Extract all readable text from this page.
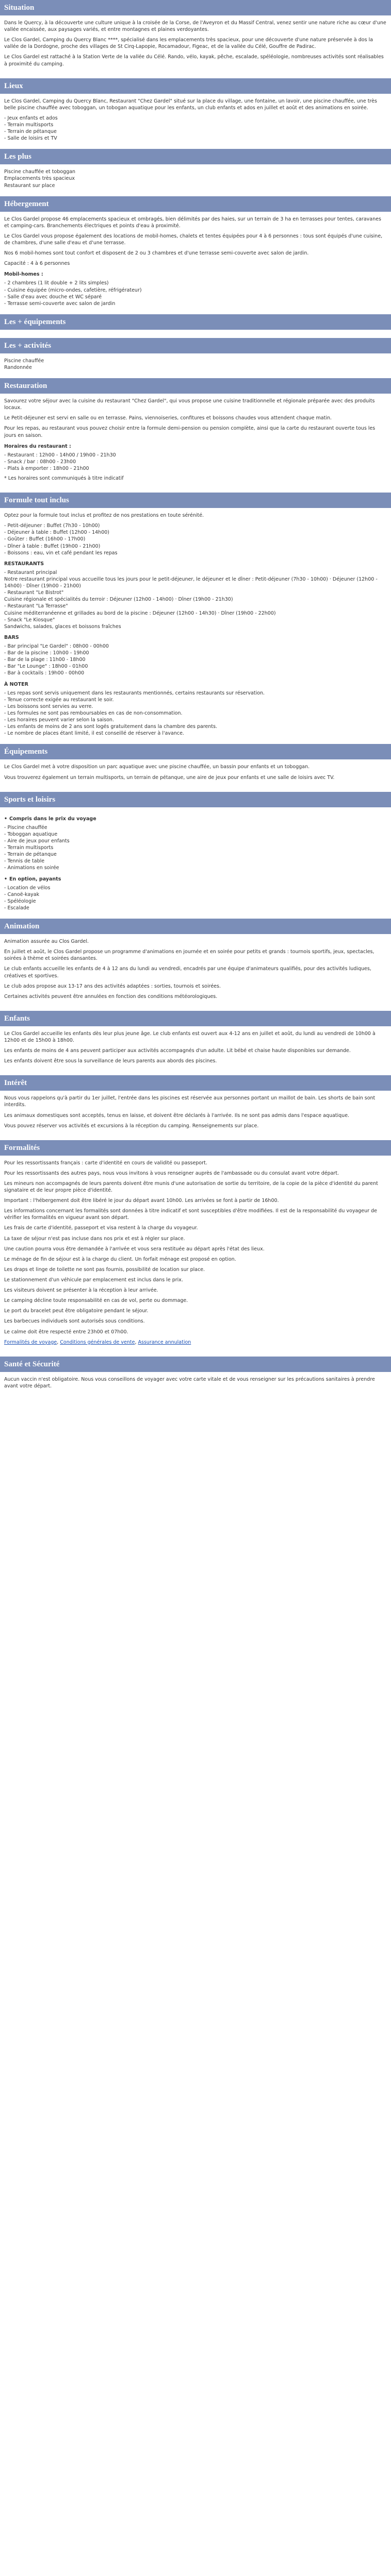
Situation

Dans le Quercy, à la découverte une culture unique à la croisée de la Corse, de l'Aveyron et du Massif Central, venez sentir une nature riche au cœur d'une vallée encaissée, aux paysages variés, et entre montagnes et plaines verdoyantes.

Le Clos Gardel, Camping du Quercy Blanc ****, spécialisé dans les emplacements très spacieux, pour une découverte d'une nature préservée à dos la vallée de la Dordogne, proche des villages de St Cirq-Lapopie, Rocamadour, Figeac, et de la vallée du Célé, Gouffre de Padirac.

Le Clos Gardel est rattaché à la Station Verte de la vallée du Célé. Rando, vélo, kayak, pêche, escalade, spéléologie, nombreuses activités sont réalisables à proximité du camping.

Lieux

Le Clos Gardel, Camping du Quercy Blanc, Restaurant "Chez Gardel" situé sur la place du village, une fontaine, un lavoir, une piscine chauffée, une très belle piscine chauffée avec toboggan, un tobogan aquatique pour les enfants, un club enfants et ados en juillet et août et des animations en soirée.

- Jeux enfants et ados
- Terrain multisports
- Terrain de pétanque
- Salle de loisirs et TV
Les plus
Piscine chauffée et toboggan
Emplacements très spacieux
Restaurant sur place
Hébergement

Le Clos Gardel propose 46 emplacements spacieux et ombragés, bien délimités par des haies, sur un terrain de 3 ha en terrasses pour tentes, caravanes et camping-cars. Branchements électriques et points d'eau à proximité.

Le Clos Gardel vous propose également des locations de mobil-homes, chalets et tentes équipées pour 4 à 6 personnes : tous sont équipés d'une cuisine, de chambres, d'une salle d'eau et d'une terrasse.

Nos 6 mobil-homes sont tout confort et disposent de 2 ou 3 chambres et d'une terrasse semi-couverte avec salon de jardin.

Capacité : 4 à 6 personnes

Mobil-homes :
- 2 chambres (1 lit double + 2 lits simples)
- Cuisine équipée (micro-ondes, cafetière, réfrigérateur)
- Salle d'eau avec douche et WC séparé
- Terrasse semi-couverte avec salon de jardin
Les + équipements
Les + activités
Piscine chauffée
Randonnée
Restauration

Savourez votre séjour avec la cuisine du restaurant "Chez Gardel", qui vous propose une cuisine traditionnelle et régionale préparée avec des produits locaux.

Le Petit-déjeuner est servi en salle ou en terrasse. Pains, viennoiseries, confitures et boissons chaudes vous attendent chaque matin.

Pour les repas, au restaurant vous pouvez choisir entre la formule demi-pension ou pension complète, ainsi que la carte du restaurant ouverte tous les jours en saison.

Horaires du restaurant :
- Restaurant : 12h00 - 14h00 / 19h00 - 21h30
- Snack / bar : 08h00 - 23h00
- Plats à emporter : 18h00 - 21h00

* Les horaires sont communiqués à titre indicatif

Formule tout inclus

Optez pour la formule tout inclus et profitez de nos prestations en toute sérénité.

- Petit-déjeuner : Buffet (7h30 - 10h00)
- Déjeuner à table : Buffet (12h00 - 14h00)
- Goûter : Buffet (16h00 - 17h00)
- Dîner à table : Buffet (19h00 - 21h00)
- Boissons : eau, vin et café pendant les repas
RESTAURANTS
- Restaurant principal
Notre restaurant principal vous accueille tous les jours pour le petit-déjeuner, le déjeuner et le dîner : Petit-déjeuner (7h30 - 10h00) · Déjeuner (12h00 - 14h00) · Dîner (19h00 - 21h00)
- Restaurant "Le Bistrot"
Cuisine régionale et spécialités du terroir : Déjeuner (12h00 - 14h00) · Dîner (19h00 - 21h30)
- Restaurant "La Terrasse"
Cuisine méditerranéenne et grillades au bord de la piscine : Déjeuner (12h00 - 14h30) · Dîner (19h00 - 22h00)
- Snack "Le Kiosque"
Sandwichs, salades, glaces et boissons fraîches
BARS
- Bar principal "Le Gardel" : 08h00 - 00h00
- Bar de la piscine : 10h00 - 19h00
- Bar de la plage : 11h00 - 18h00
- Bar "Le Lounge" : 18h00 - 01h00
- Bar à cocktails : 19h00 - 00h00
À NOTER
- Les repas sont servis uniquement dans les restaurants mentionnés, certains restaurants sur réservation.
- Tenue correcte exigée au restaurant le soir.
- Les boissons sont servies au verre.
- Les formules ne sont pas remboursables en cas de non-consommation.
- Les horaires peuvent varier selon la saison.
- Les enfants de moins de 2 ans sont logés gratuitement dans la chambre des parents.
- Le nombre de places étant limité, il est conseillé de réserver à l'avance.
Équipements

Le Clos Gardel met à votre disposition un parc aquatique avec une piscine chauffée, un bassin pour enfants et un toboggan.

Vous trouverez également un terrain multisports, un terrain de pétanque, une aire de jeux pour enfants et une salle de loisirs avec TV.

Sports et loisirs
• Compris dans le prix du voyage
- Piscine chauffée
- Toboggan aquatique
- Aire de jeux pour enfants
- Terrain multisports
- Terrain de pétanque
- Tennis de table
- Animations en soirée
• En option, payants
- Location de vélos
- Canoë-kayak
- Spéléologie
- Escalade
Animation

Animation assurée au Clos Gardel.

En juillet et août, le Clos Gardel propose un programme d'animations en journée et en soirée pour petits et grands : tournois sportifs, jeux, spectacles, soirées à thème et soirées dansantes.

Le club enfants accueille les enfants de 4 à 12 ans du lundi au vendredi, encadrés par une équipe d'animateurs qualifiés, pour des activités ludiques, créatives et sportives.

Le club ados propose aux 13-17 ans des activités adaptées : sorties, tournois et soirées.

Certaines activités peuvent être annulées en fonction des conditions météorologiques.

Enfants

Le Clos Gardel accueille les enfants dès leur plus jeune âge. Le club enfants est ouvert aux 4-12 ans en juillet et août, du lundi au vendredi de 10h00 à 12h00 et de 15h00 à 18h00.

Les enfants de moins de 4 ans peuvent participer aux activités accompagnés d'un adulte. Lit bébé et chaise haute disponibles sur demande.

Les enfants doivent être sous la surveillance de leurs parents aux abords des piscines.

Intérêt

Nous vous rappelons qu'à partir du 1er juillet, l'entrée dans les piscines est réservée aux personnes portant un maillot de bain. Les shorts de bain sont interdits.

Les animaux domestiques sont acceptés, tenus en laisse, et doivent être déclarés à l'arrivée. Ils ne sont pas admis dans l'espace aquatique.

Vous pouvez réserver vos activités et excursions à la réception du camping. Renseignements sur place.

Formalités

Pour les ressortissants français : carte d'identité en cours de validité ou passeport.

Pour les ressortissants des autres pays, nous vous invitons à vous renseigner auprès de l'ambassade ou du consulat avant votre départ.

Les mineurs non accompagnés de leurs parents doivent être munis d'une autorisation de sortie du territoire, de la copie de la pièce d'identité du parent signataire et de leur propre pièce d'identité.

Important : l'hébergement doit être libéré le jour du départ avant 10h00. Les arrivées se font à partir de 16h00.

Les informations concernant les formalités sont données à titre indicatif et sont susceptibles d'être modifiées. Il est de la responsabilité du voyageur de vérifier les formalités en vigueur avant son départ.

Les frais de carte d'identité, passeport et visa restent à la charge du voyageur.

La taxe de séjour n'est pas incluse dans nos prix et est à régler sur place.

Une caution pourra vous être demandée à l'arrivée et vous sera restituée au départ après l'état des lieux.

Le ménage de fin de séjour est à la charge du client. Un forfait ménage est proposé en option.

Les draps et linge de toilette ne sont pas fournis, possibilité de location sur place.

Le stationnement d'un véhicule par emplacement est inclus dans le prix.

Les visiteurs doivent se présenter à la réception à leur arrivée.

Le camping décline toute responsabilité en cas de vol, perte ou dommage.

Le port du bracelet peut être obligatoire pendant le séjour.

Les barbecues individuels sont autorisés sous conditions.

Le calme doit être respecté entre 23h00 et 07h00.

Formalités de voyage, Conditions générales de vente, Assurance annulation

Santé et Sécurité

Aucun vaccin n'est obligatoire. Nous vous conseillons de voyager avec votre carte vitale et de vous renseigner sur les précautions sanitaires à prendre avant votre départ.
